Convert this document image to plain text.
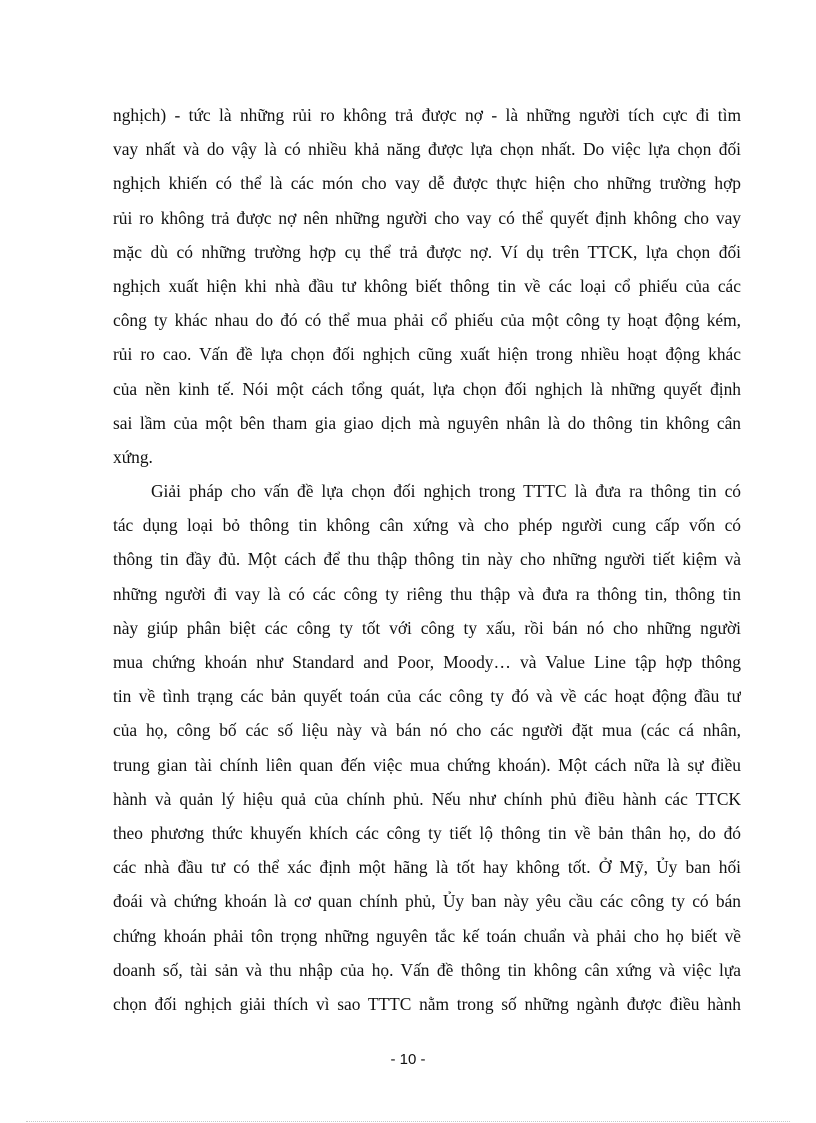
nghịch) - tức là những rủi ro không trả được nợ - là những người tích cực đi tìm
vay nhất và do vậy là có nhiều khả năng được lựa chọn nhất. Do việc lựa chọn đối
nghịch khiến có thể là các món cho vay dễ được thực hiện cho những trường hợp
rủi ro không trả được nợ nên những người cho vay có thể quyết định không cho vay
mặc dù có những trường hợp cụ thể trả được nợ. Ví dụ trên TTCK, lựa chọn đối
nghịch xuất hiện khi nhà đầu tư không biết thông tin về các loại cổ phiếu của các
công ty khác nhau do đó có thể mua phải cổ phiếu của một công ty hoạt động kém,
rủi ro cao. Vấn đề lựa chọn đối nghịch cũng xuất hiện trong nhiều hoạt động khác
của nền kinh tế. Nói một cách tổng quát, lựa chọn đối nghịch là những quyết định
sai lầm của một bên tham gia giao dịch mà nguyên nhân là do thông tin không cân
xứng.

Giải pháp cho vấn đề lựa chọn đối nghịch trong TTTC là đưa ra thông tin có
tác dụng loại bỏ thông tin không cân xứng và cho phép người cung cấp vốn có
thông tin đầy đủ. Một cách để thu thập thông tin này cho những người tiết kiệm và
những người đi vay là có các công ty riêng thu thập và đưa ra thông tin, thông tin
này giúp phân biệt các công ty tốt với công ty xấu, rồi bán nó cho những người
mua chứng khoán như Standard and Poor, Moody… và Value Line tập hợp thông
tin về tình trạng các bản quyết toán của các công ty đó và về các hoạt động đầu tư
của họ, công bố các số liệu này và bán nó cho các người đặt mua (các cá nhân,
trung gian tài chính liên quan đến việc mua chứng khoán). Một cách nữa là sự điều
hành và quản lý hiệu quả của chính phủ. Nếu như chính phủ điều hành các TTCK
theo phương thức khuyến khích các công ty tiết lộ thông tin về bản thân họ, do đó
các nhà đầu tư có thể xác định một hãng là tốt hay không tốt. Ở Mỹ, Ủy ban hối
đoái và chứng khoán là cơ quan chính phủ, Ủy ban này yêu cầu các công ty có bán
chứng khoán phải tôn trọng những nguyên tắc kế toán chuẩn và phải cho họ biết về
doanh số, tài sản và thu nhập của họ. Vấn đề thông tin không cân xứng và việc lựa
chọn đối nghịch giải thích vì sao TTTC nằm trong số những ngành được điều hành

- 10 -
